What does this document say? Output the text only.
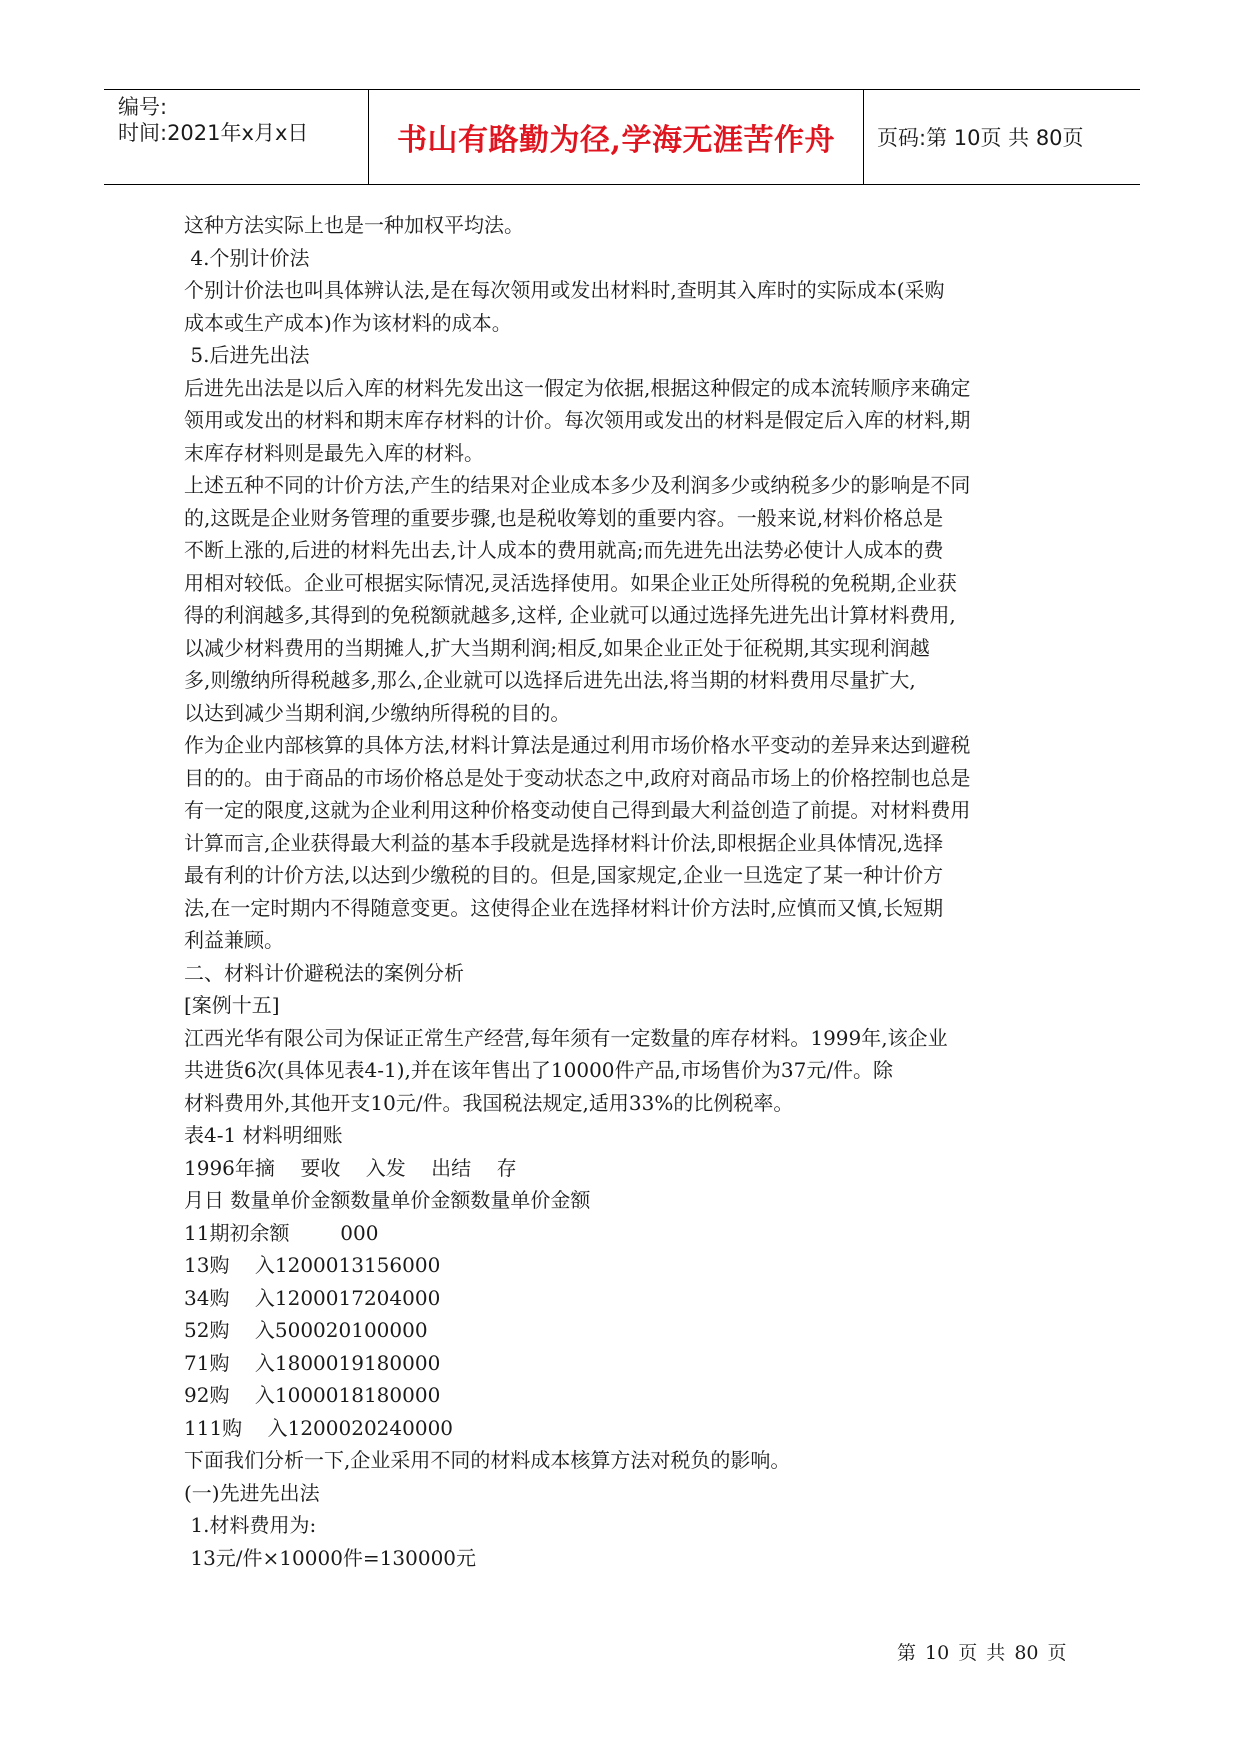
编号:
时间:2021年x月x日	书山有路勤为径,学海无涯苦作舟	页码:第 10页 共 80页

这种方法实际上也是一种加权平均法。

4.个别计价法

个别计价法也叫具体辨认法,是在每次领用或发出材料时,查明其入库时的实际成本(采购

成本或生产成本)作为该材料的成本。

5.后进先出法

后进先出法是以后入库的材料先发出这一假定为依据,根据这种假定的成本流转顺序来确定

领用或发出的材料和期末库存材料的计价。每次领用或发出的材料是假定后入库的材料,期

末库存材料则是最先入库的材料。

上述五种不同的计价方法,产生的结果对企业成本多少及利润多少或纳税多少的影响是不同

的,这既是企业财务管理的重要步骤,也是税收筹划的重要内容。一般来说,材料价格总是

不断上涨的,后进的材料先出去,计人成本的费用就高;而先进先出法势必使计人成本的费

用相对较低。企业可根据实际情况,灵活选择使用。如果企业正处所得税的免税期,企业获

得的利润越多,其得到的免税额就越多,这样, 企业就可以通过选择先进先出计算材料费用,

以减少材料费用的当期摊人,扩大当期利润;相反,如果企业正处于征税期,其实现利润越

多,则缴纳所得税越多,那么,企业就可以选择后进先出法,将当期的材料费用尽量扩大,

以达到减少当期利润,少缴纳所得税的目的。

作为企业内部核算的具体方法,材料计算法是通过利用市场价格水平变动的差异来达到避税

目的的。由于商品的市场价格总是处于变动状态之中,政府对商品市场上的价格控制也总是

有一定的限度,这就为企业利用这种价格变动使自己得到最大利益创造了前提。对材料费用

计算而言,企业获得最大利益的基本手段就是选择材料计价法,即根据企业具体情况,选择

最有利的计价方法,以达到少缴税的目的。但是,国家规定,企业一旦选定了某一种计价方

法,在一定时期内不得随意变更。这使得企业在选择材料计价方法时,应慎而又慎,长短期

利益兼顾。

二、材料计价避税法的案例分析

[案例十五]

江西光华有限公司为保证正常生产经营,每年须有一定数量的库存材料。1999年,该企业

共进货6次(具体见表4-1),并在该年售出了10000件产品,市场售价为37元/件。除

材料费用外,其他开支10元/件。我国税法规定,适用33%的比例税率。

表4-1 材料明细账

1996年摘    要收    入发    出结    存

月日 数量单价金额数量单价金额数量单价金额

11期初余额        000

13购    入1200013156000

34购    入1200017204000

52购    入500020100000

71购    入1800019180000

92购    入1000018180000

111购    入1200020240000

下面我们分析一下,企业采用不同的材料成本核算方法对税负的影响。

(一)先进先出法

1.材料费用为:

13元/件×10000件=130000元

第 10 页 共 80 页
